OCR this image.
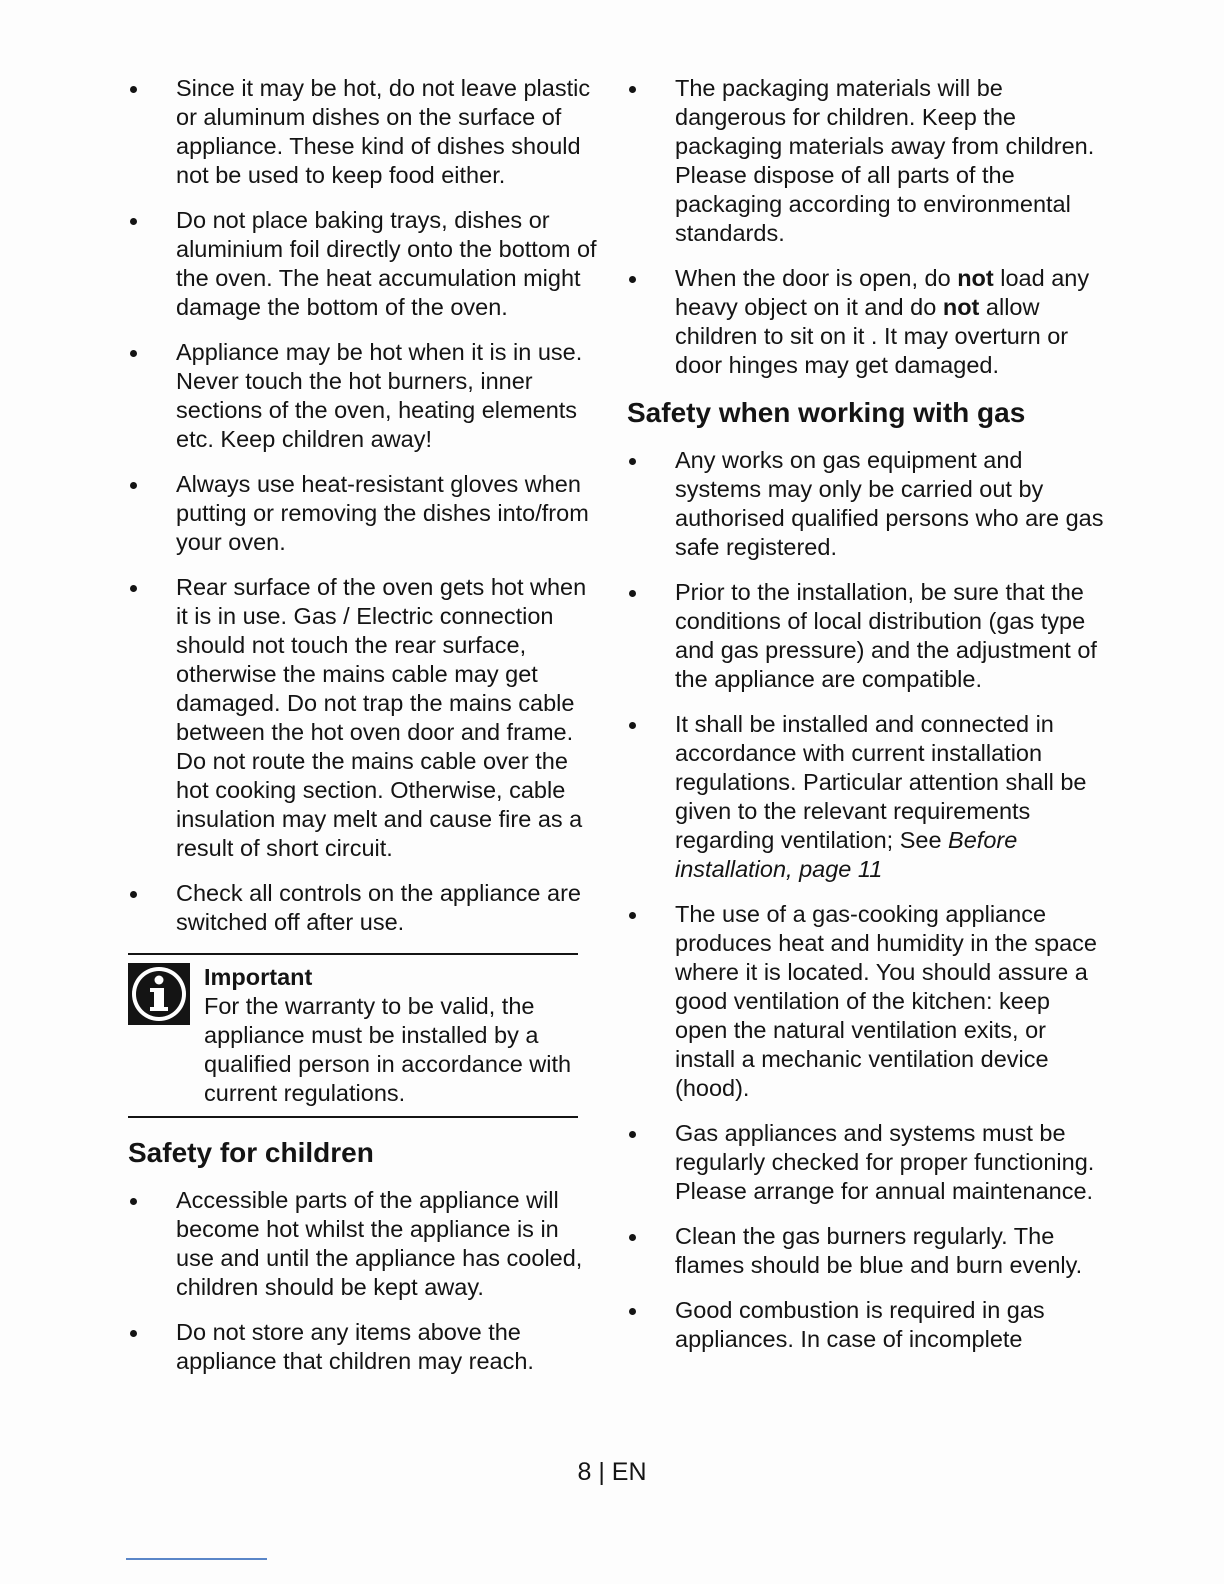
Since it may be hot, do not leave plastic or aluminum dishes on the surface of appliance. These kind of dishes should not be used to keep food either.
Do not place baking trays, dishes or aluminium foil directly onto the bottom of the oven. The heat accumulation might damage the bottom of the oven.
Appliance may be hot when it is in use. Never touch the hot burners, inner sections of the oven, heating elements etc. Keep children away!
Always use heat-resistant gloves when putting or removing the dishes into/from your oven.
Rear surface of the oven gets hot when it is in use. Gas / Electric connection should not touch the rear surface, otherwise the mains cable may get damaged. Do not trap the mains cable between the hot oven door and frame. Do not route the mains cable over the hot cooking section. Otherwise, cable insulation may melt and cause fire as a result of short circuit.
Check all controls on the appliance are switched off after use.
Important
For the warranty to be valid, the appliance must be installed by a qualified person in accordance with current regulations.
Safety for children
Accessible parts of the appliance will become hot whilst the appliance is in use and until the appliance has cooled, children should be kept away.
Do not store any items above the appliance that children may reach.
The packaging materials will be dangerous for children. Keep the packaging materials away from children. Please dispose of all parts of the packaging according to environmental standards.
When the door is open, do not load any heavy object on it and do not allow children to sit on it . It may overturn or door hinges may get damaged.
Safety when working with gas
Any works on gas equipment and systems may only be carried out by authorised qualified persons who are gas safe registered.
Prior to the installation, be sure that the conditions of local distribution (gas type and gas pressure) and the adjustment of the appliance are compatible.
It shall be installed and connected in accordance with current installation regulations. Particular attention shall be given to the relevant requirements regarding ventilation; See Before installation, page 11
The use of a gas-cooking appliance produces heat and humidity in the space where it is located. You should assure a good ventilation of the kitchen: keep open the natural ventilation exits, or install a mechanic ventilation device (hood).
Gas appliances and systems must be regularly checked for proper functioning. Please arrange for annual maintenance.
Clean the gas burners regularly. The flames should be blue and burn evenly.
Good combustion is required in gas appliances. In case of incomplete
8 | EN
